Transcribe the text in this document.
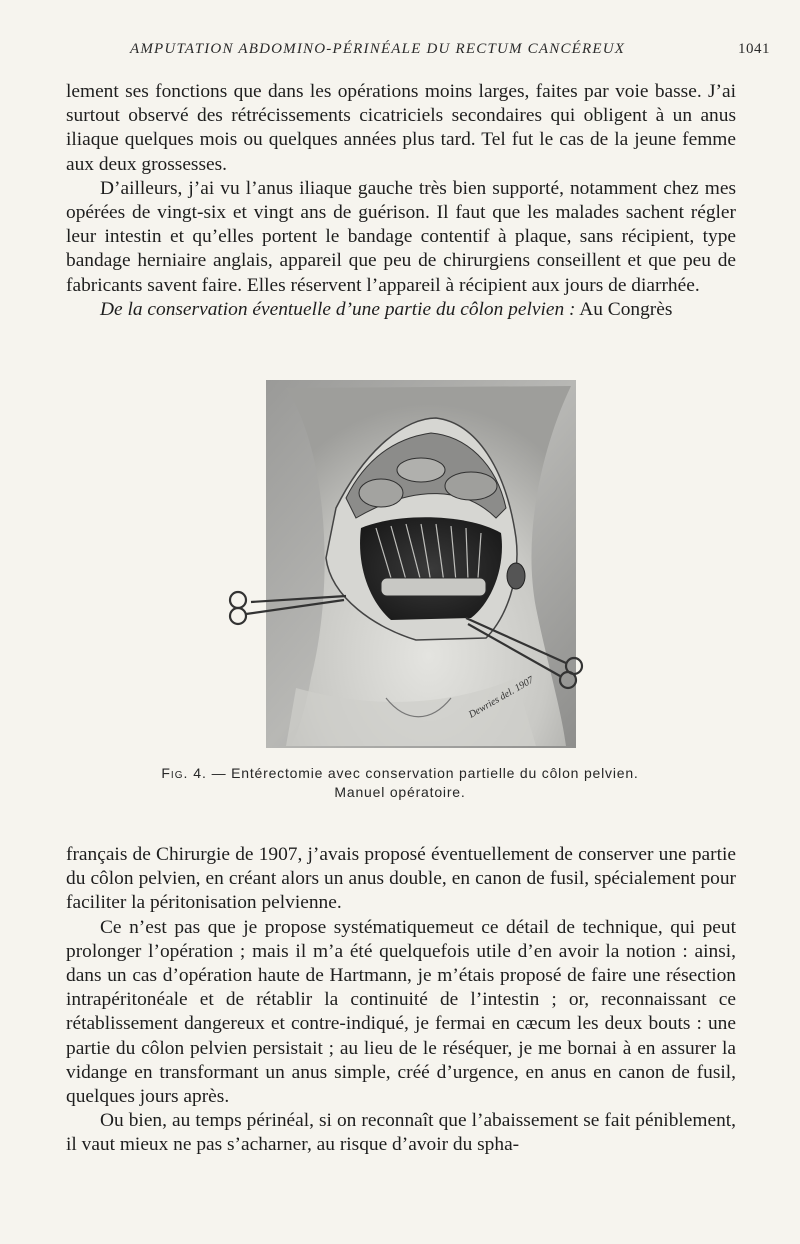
AMPUTATION ABDOMINO-PÉRINÉALE DU RECTUM CANCÉREUX	1041

lement ses fonctions que dans les opérations moins larges, faites par voie basse. J’ai surtout observé des rétrécissements cicatriciels secondaires qui obligent à un anus iliaque quelques mois ou quelques années plus tard. Tel fut le cas de la jeune femme aux deux grossesses.

D’ailleurs, j’ai vu l’anus iliaque gauche très bien supporté, notamment chez mes opérées de vingt-six et vingt ans de guérison. Il faut que les malades sachent régler leur intestin et qu’elles portent le bandage contentif à plaque, sans récipient, type bandage herniaire anglais, appareil que peu de chirurgiens conseillent et que peu de fabricants savent faire. Elles réservent l’appareil à récipient aux jours de diarrhée.

De la conservation éventuelle d’une partie du côlon pelvien : Au Congrès

Dewries del. 1907
Fig. 4. — Entérectomie avec conservation partielle du côlon pelvien.
Manuel opératoire.

français de Chirurgie de 1907, j’avais proposé éventuellement de conserver une partie du côlon pelvien, en créant alors un anus double, en canon de fusil, spécialement pour faciliter la péritonisation pelvienne.

Ce n’est pas que je propose systématiquemeut ce détail de technique, qui peut prolonger l’opération ; mais il m’a été quelquefois utile d’en avoir la notion : ainsi, dans un cas d’opération haute de Hartmann, je m’étais proposé de faire une résection intrapéritonéale et de rétablir la continuité de l’intestin ; or, reconnaissant ce rétablissement dangereux et contre-indiqué, je fermai en cæcum les deux bouts : une partie du côlon pelvien persistait ; au lieu de le réséquer, je me bornai à en assurer la vidange en transformant un anus simple, créé d’urgence, en anus en canon de fusil, quelques jours après.

Ou bien, au temps périnéal, si on reconnaît que l’abaissement se fait péniblement, il vaut mieux ne pas s’acharner, au risque d’avoir du spha-
